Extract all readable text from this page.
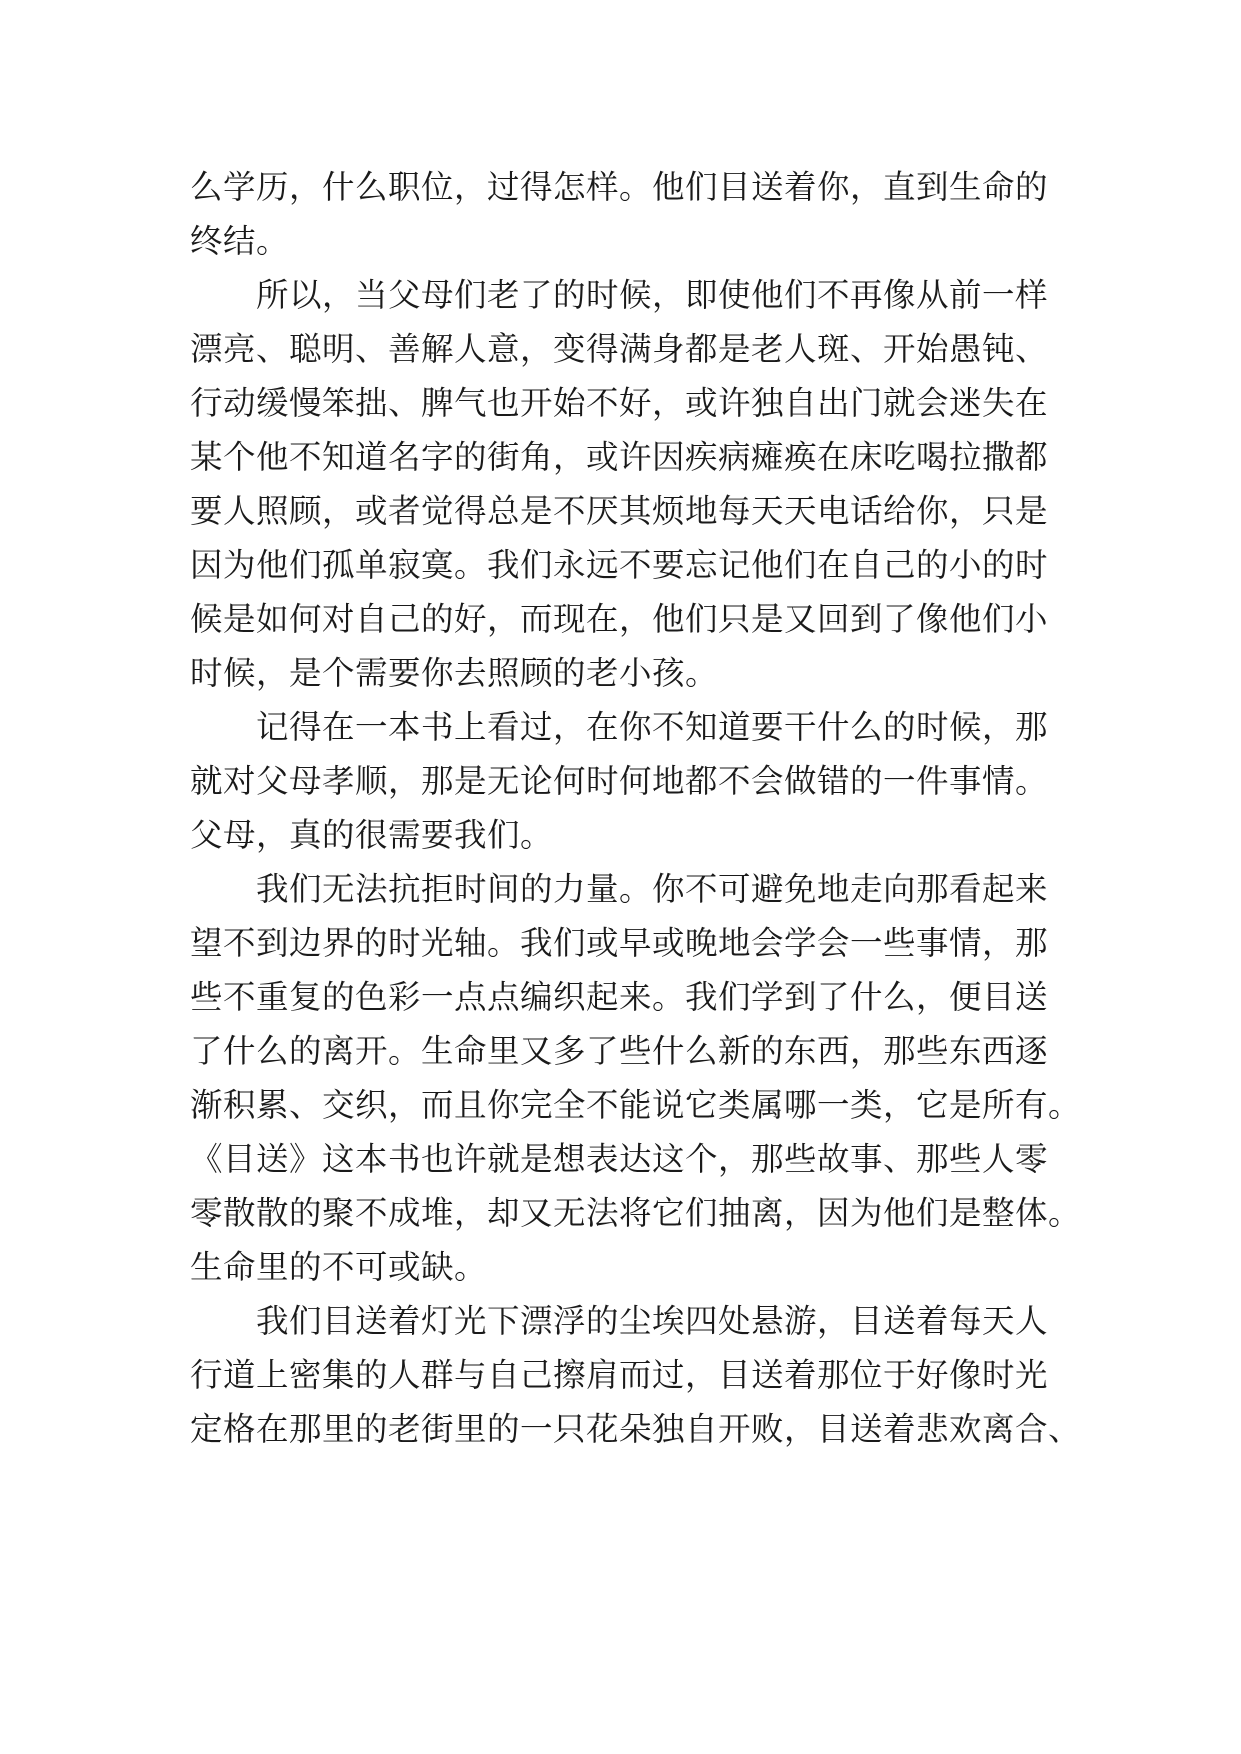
么学历，什么职位，过得怎样。他们目送着你，直到生命的
终结。
所以，当父母们老了的时候，即使他们不再像从前一样
漂亮、聪明、善解人意，变得满身都是老人斑、开始愚钝、
行动缓慢笨拙、脾气也开始不好，或许独自出门就会迷失在
某个他不知道名字的街角，或许因疾病瘫痪在床吃喝拉撒都
要人照顾，或者觉得总是不厌其烦地每天天电话给你，只是
因为他们孤单寂寞。我们永远不要忘记他们在自己的小的时
候是如何对自己的好，而现在，他们只是又回到了像他们小
时候，是个需要你去照顾的老小孩。
记得在一本书上看过，在你不知道要干什么的时候，那
就对父母孝顺，那是无论何时何地都不会做错的一件事情。
父母，真的很需要我们。
我们无法抗拒时间的力量。你不可避免地走向那看起来
望不到边界的时光轴。我们或早或晚地会学会一些事情，那
些不重复的色彩一点点编织起来。我们学到了什么，便目送
了什么的离开。生命里又多了些什么新的东西，那些东西逐
渐积累、交织，而且你完全不能说它类属哪一类，它是所有。
《目送》这本书也许就是想表达这个，那些故事、那些人零
零散散的聚不成堆，却又无法将它们抽离，因为他们是整体。
生命里的不可或缺。
我们目送着灯光下漂浮的尘埃四处悬游，目送着每天人
行道上密集的人群与自己擦肩而过，目送着那位于好像时光
定格在那里的老街里的一只花朵独自开败，目送着悲欢离合、
